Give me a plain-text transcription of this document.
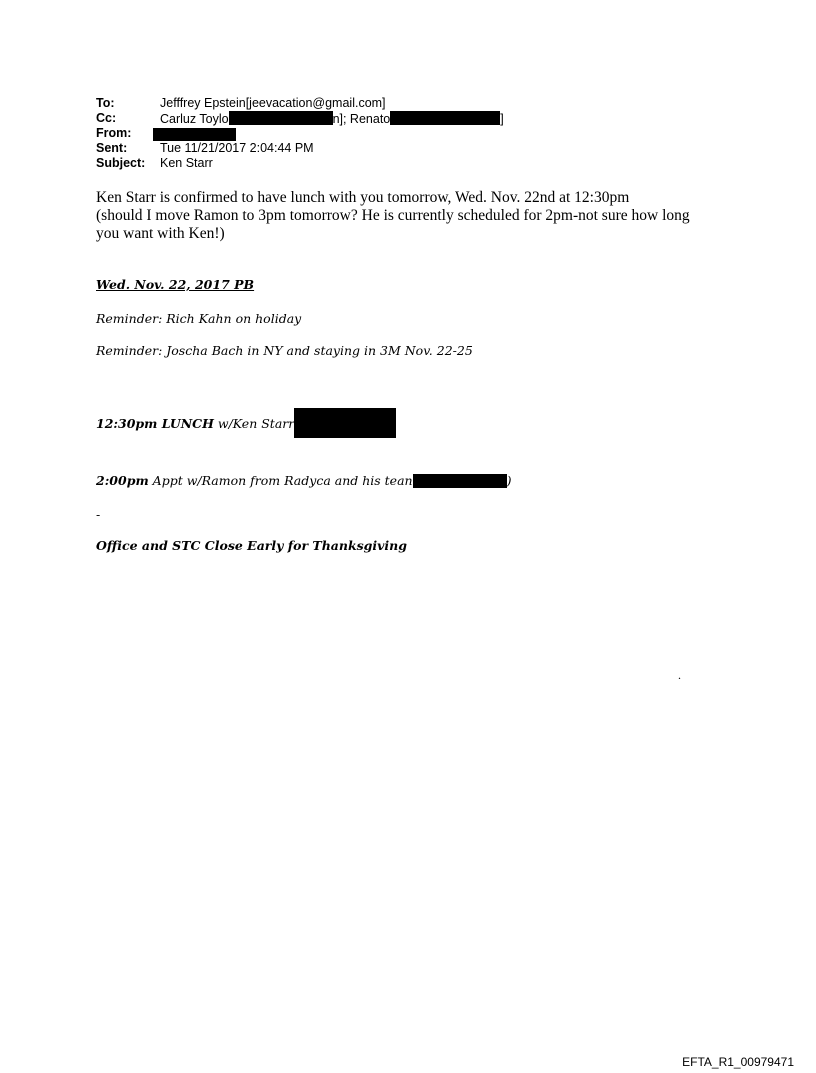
To:	Jefffrey Epstein[jeevacation@gmail.com]
Cc:	Carluz Toylo	n]; Renato	]
From:
Sent:	Tue 11/21/2017 2:04:44 PM
Subject: Ken Starr
Ken Starr is confirmed to have lunch with you tomorrow, Wed. Nov. 22nd at 12:30pm
(should I move Ramon to 3pm tomorrow? He is currently scheduled for 2pm-not sure how long
you want with Ken!)
Wed. Nov. 22, 2017 PB
Reminder: Rich Kahn on holiday
Reminder: Joscha Bach in NY and staying in 3M Nov. 22-25
12:30pm LUNCH w/Ken Starr
2:00pm Appt w/Ramon from Radyca and his tean	)
-
Office and STC Close Early for Thanksgiving
.
EFTA_R1_00979471
